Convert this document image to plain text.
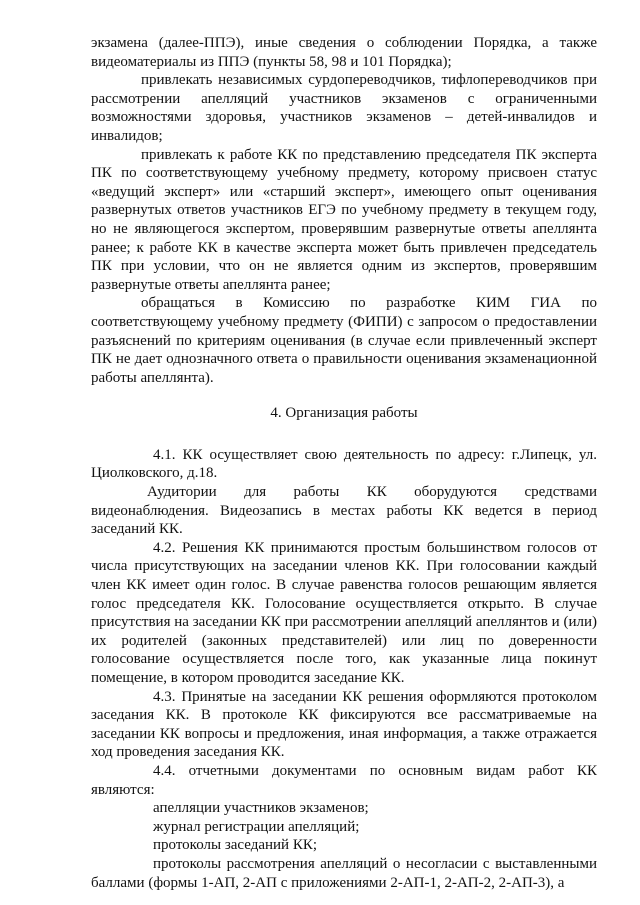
экзамена (далее-ППЭ), иные сведения о соблюдении Порядка, а также видеоматериалы из ППЭ (пункты 58, 98 и 101 Порядка);

привлекать независимых сурдопереводчиков, тифлопереводчиков при рассмотрении апелляций участников экзаменов с ограниченными возможностями здоровья, участников экзаменов – детей-инвалидов и инвалидов;

привлекать к работе КК по представлению председателя ПК эксперта ПК по соответствующему учебному предмету, которому присвоен статус «ведущий эксперт» или «старший эксперт», имеющего опыт оценивания развернутых ответов участников ЕГЭ по учебному предмету в текущем году, но не являющегося экспертом, проверявшим развернутые ответы апеллянта ранее; к работе КК в качестве эксперта может быть привлечен председатель ПК при условии, что он не является одним из экспертов, проверявшим развернутые ответы апеллянта ранее;

обращаться в Комиссию по разработке КИМ ГИА по соответствующему учебному предмету (ФИПИ) с запросом о предоставлении разъяснений по критериям оценивания (в случае если привлеченный эксперт ПК не дает однозначного ответа о правильности оценивания экзаменационной работы апеллянта).

4. Организация работы

4.1. КК осуществляет свою деятельность по адресу: г.Липецк, ул. Циолковского, д.18.

Аудитории для работы КК оборудуются средствами видеонаблюдения. Видеозапись в местах работы КК ведется в период заседаний КК.

4.2. Решения КК принимаются простым большинством голосов от числа присутствующих на заседании членов КК. При голосовании каждый член КК имеет один голос. В случае равенства голосов решающим является голос председателя КК. Голосование осуществляется открыто. В случае присутствия на заседании КК при рассмотрении апелляций апеллянтов и (или) их родителей (законных представителей) или лиц по доверенности голосование осуществляется после того, как указанные лица покинут помещение, в котором проводится заседание КК.

4.3. Принятые на заседании КК решения оформляются протоколом заседания КК. В протоколе КК фиксируются все рассматриваемые на заседании КК вопросы и предложения, иная информация, а также отражается ход проведения заседания КК.

4.4. отчетными документами по основным видам работ КК являются:

апелляции участников экзаменов;

журнал регистрации апелляций;

протоколы заседаний КК;

протоколы рассмотрения апелляций о несогласии с выставленными баллами (формы 1-АП, 2-АП с приложениями 2-АП-1, 2-АП-2, 2-АП-3), а
